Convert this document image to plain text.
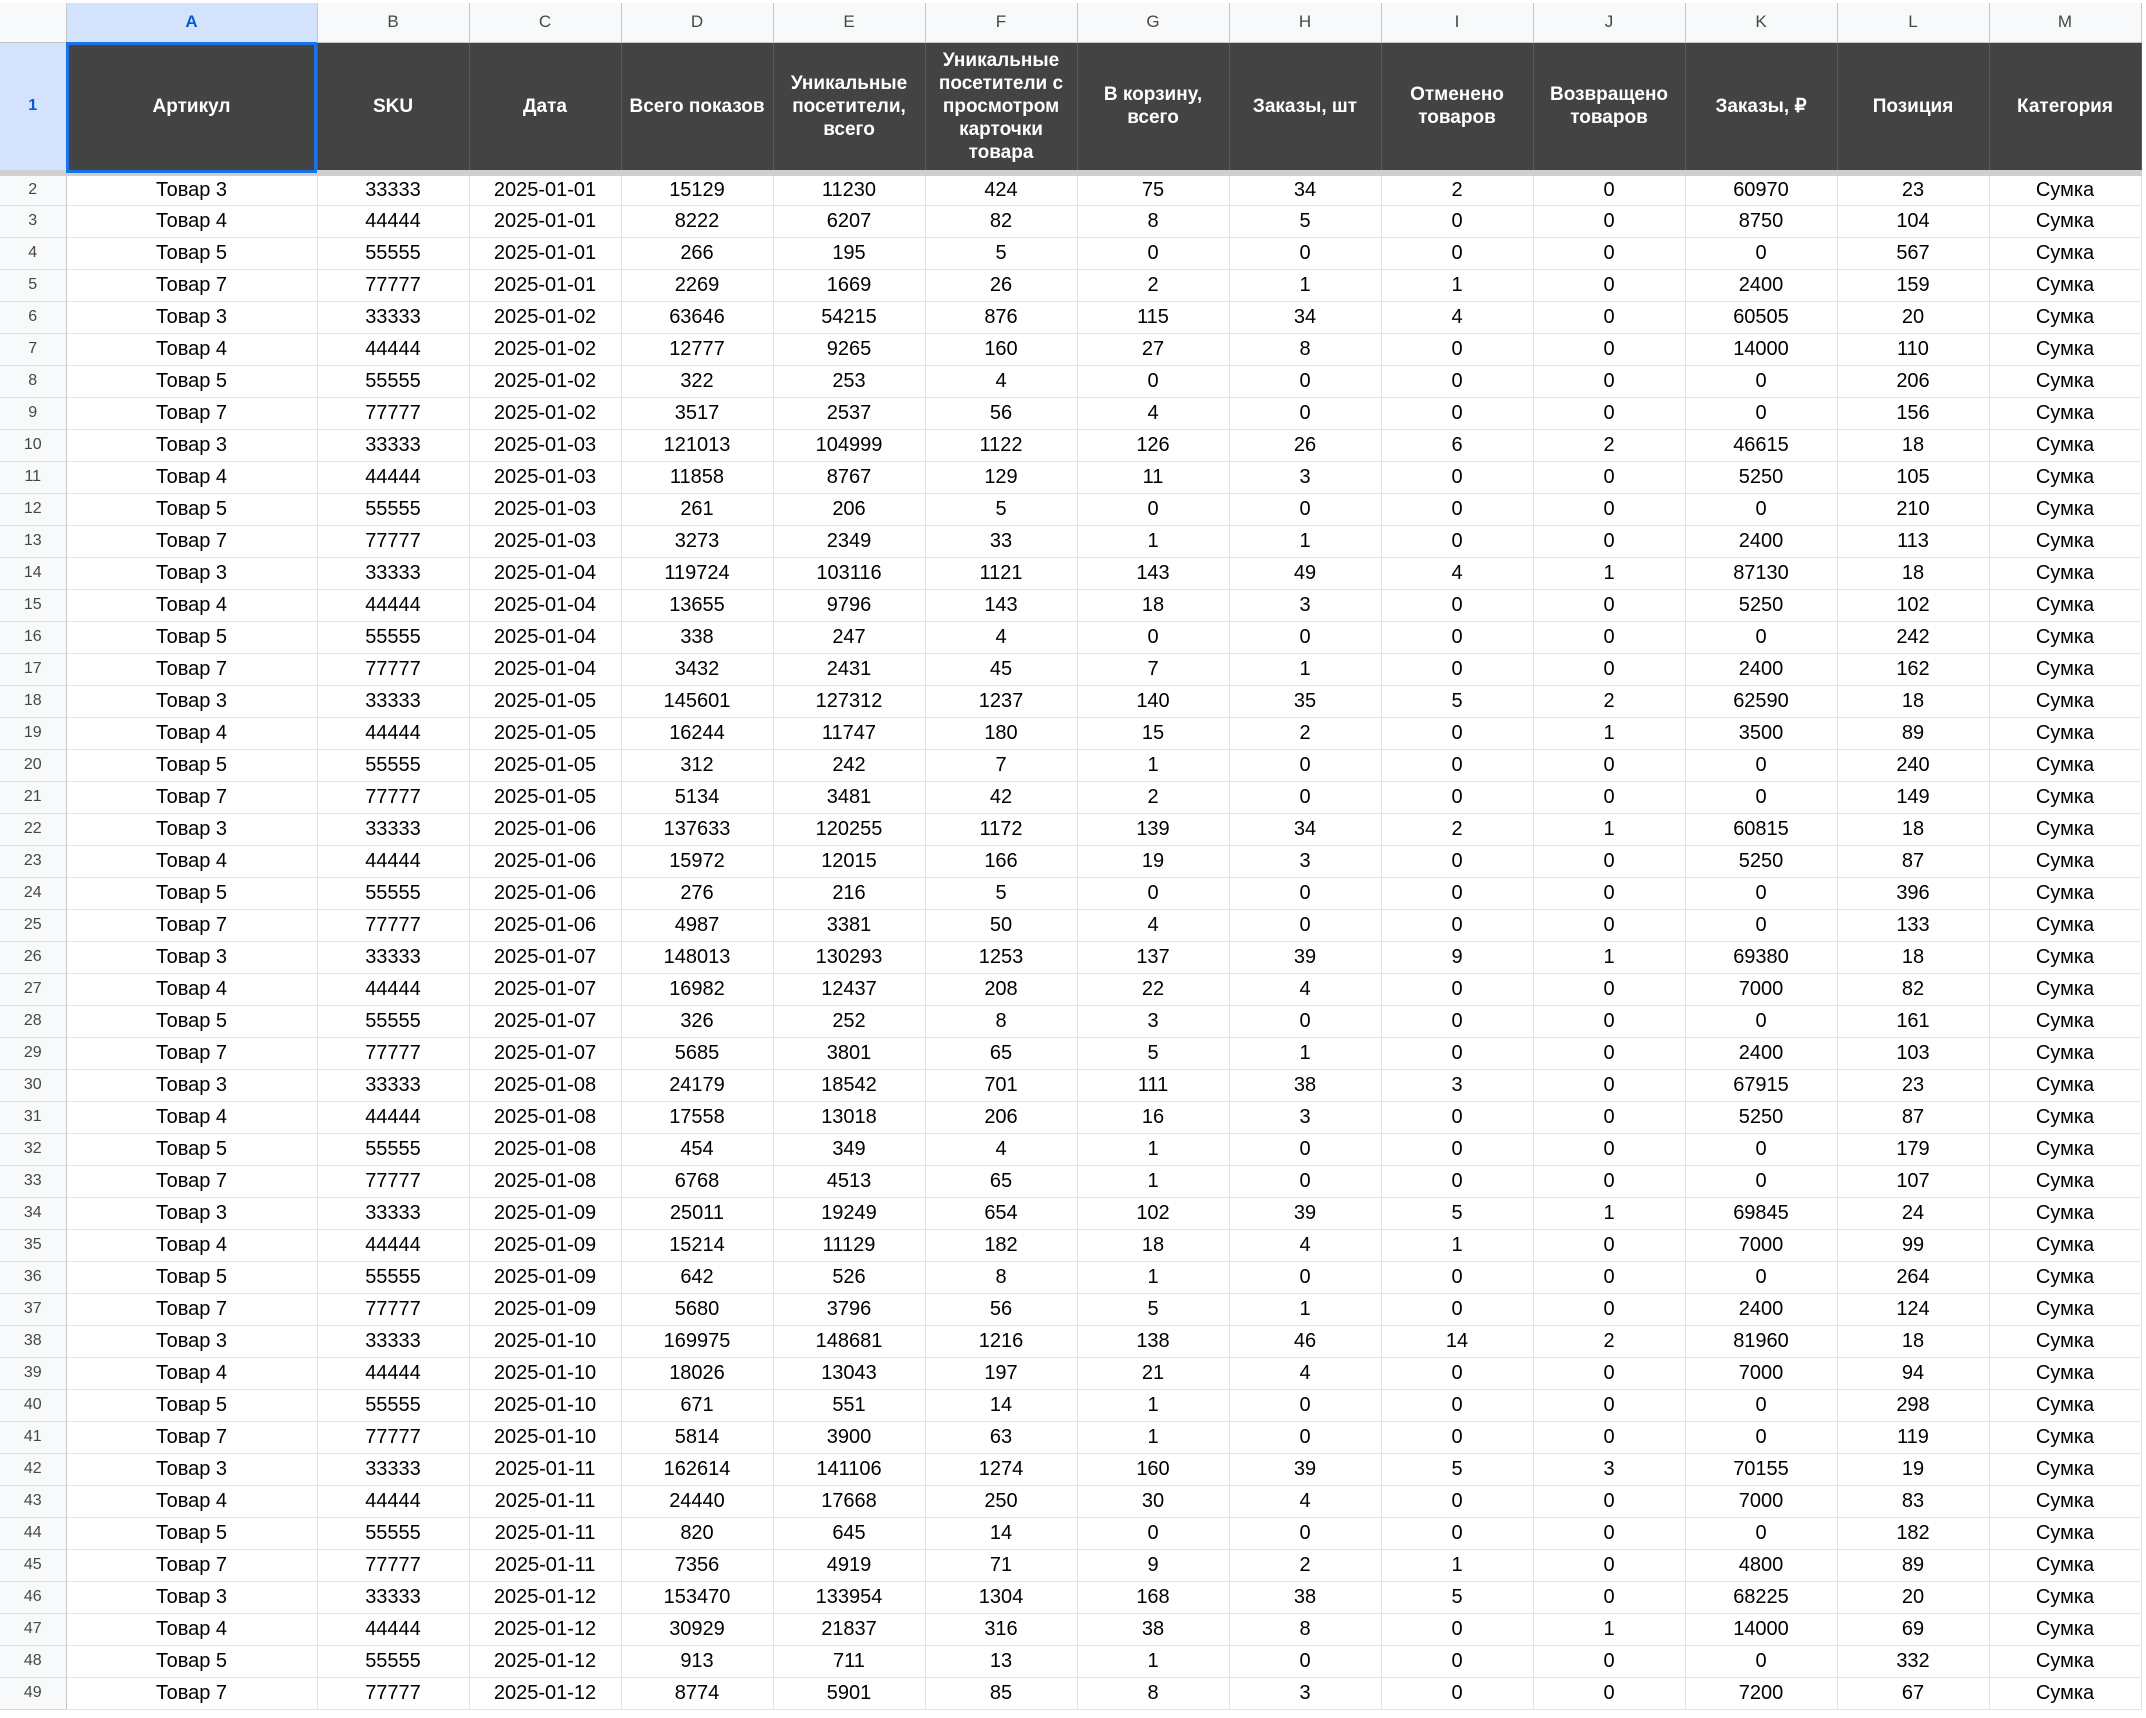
	A	B	C	D	E	F	G	H	I	J	K	L	M
1	Артикул	SKU	Дата	Всего показов	Уникальные посетители, всего	Уникальные посетители с просмотром карточки товара	В корзину, всего	Заказы, шт	Отменено товаров	Возвращено товаров	Заказы, ₽	Позиция	Категория
2	Товар 3	33333	2025-01-01	15129	11230	424	75	34	2	0	60970	23	Сумка
3	Товар 4	44444	2025-01-01	8222	6207	82	8	5	0	0	8750	104	Сумка
4	Товар 5	55555	2025-01-01	266	195	5	0	0	0	0	0	567	Сумка
5	Товар 7	77777	2025-01-01	2269	1669	26	2	1	1	0	2400	159	Сумка
6	Товар 3	33333	2025-01-02	63646	54215	876	115	34	4	0	60505	20	Сумка
7	Товар 4	44444	2025-01-02	12777	9265	160	27	8	0	0	14000	110	Сумка
8	Товар 5	55555	2025-01-02	322	253	4	0	0	0	0	0	206	Сумка
9	Товар 7	77777	2025-01-02	3517	2537	56	4	0	0	0	0	156	Сумка
10	Товар 3	33333	2025-01-03	121013	104999	1122	126	26	6	2	46615	18	Сумка
11	Товар 4	44444	2025-01-03	11858	8767	129	11	3	0	0	5250	105	Сумка
12	Товар 5	55555	2025-01-03	261	206	5	0	0	0	0	0	210	Сумка
13	Товар 7	77777	2025-01-03	3273	2349	33	1	1	0	0	2400	113	Сумка
14	Товар 3	33333	2025-01-04	119724	103116	1121	143	49	4	1	87130	18	Сумка
15	Товар 4	44444	2025-01-04	13655	9796	143	18	3	0	0	5250	102	Сумка
16	Товар 5	55555	2025-01-04	338	247	4	0	0	0	0	0	242	Сумка
17	Товар 7	77777	2025-01-04	3432	2431	45	7	1	0	0	2400	162	Сумка
18	Товар 3	33333	2025-01-05	145601	127312	1237	140	35	5	2	62590	18	Сумка
19	Товар 4	44444	2025-01-05	16244	11747	180	15	2	0	1	3500	89	Сумка
20	Товар 5	55555	2025-01-05	312	242	7	1	0	0	0	0	240	Сумка
21	Товар 7	77777	2025-01-05	5134	3481	42	2	0	0	0	0	149	Сумка
22	Товар 3	33333	2025-01-06	137633	120255	1172	139	34	2	1	60815	18	Сумка
23	Товар 4	44444	2025-01-06	15972	12015	166	19	3	0	0	5250	87	Сумка
24	Товар 5	55555	2025-01-06	276	216	5	0	0	0	0	0	396	Сумка
25	Товар 7	77777	2025-01-06	4987	3381	50	4	0	0	0	0	133	Сумка
26	Товар 3	33333	2025-01-07	148013	130293	1253	137	39	9	1	69380	18	Сумка
27	Товар 4	44444	2025-01-07	16982	12437	208	22	4	0	0	7000	82	Сумка
28	Товар 5	55555	2025-01-07	326	252	8	3	0	0	0	0	161	Сумка
29	Товар 7	77777	2025-01-07	5685	3801	65	5	1	0	0	2400	103	Сумка
30	Товар 3	33333	2025-01-08	24179	18542	701	111	38	3	0	67915	23	Сумка
31	Товар 4	44444	2025-01-08	17558	13018	206	16	3	0	0	5250	87	Сумка
32	Товар 5	55555	2025-01-08	454	349	4	1	0	0	0	0	179	Сумка
33	Товар 7	77777	2025-01-08	6768	4513	65	1	0	0	0	0	107	Сумка
34	Товар 3	33333	2025-01-09	25011	19249	654	102	39	5	1	69845	24	Сумка
35	Товар 4	44444	2025-01-09	15214	11129	182	18	4	1	0	7000	99	Сумка
36	Товар 5	55555	2025-01-09	642	526	8	1	0	0	0	0	264	Сумка
37	Товар 7	77777	2025-01-09	5680	3796	56	5	1	0	0	2400	124	Сумка
38	Товар 3	33333	2025-01-10	169975	148681	1216	138	46	14	2	81960	18	Сумка
39	Товар 4	44444	2025-01-10	18026	13043	197	21	4	0	0	7000	94	Сумка
40	Товар 5	55555	2025-01-10	671	551	14	1	0	0	0	0	298	Сумка
41	Товар 7	77777	2025-01-10	5814	3900	63	1	0	0	0	0	119	Сумка
42	Товар 3	33333	2025-01-11	162614	141106	1274	160	39	5	3	70155	19	Сумка
43	Товар 4	44444	2025-01-11	24440	17668	250	30	4	0	0	7000	83	Сумка
44	Товар 5	55555	2025-01-11	820	645	14	0	0	0	0	0	182	Сумка
45	Товар 7	77777	2025-01-11	7356	4919	71	9	2	1	0	4800	89	Сумка
46	Товар 3	33333	2025-01-12	153470	133954	1304	168	38	5	0	68225	20	Сумка
47	Товар 4	44444	2025-01-12	30929	21837	316	38	8	0	1	14000	69	Сумка
48	Товар 5	55555	2025-01-12	913	711	13	1	0	0	0	0	332	Сумка
49	Товар 7	77777	2025-01-12	8774	5901	85	8	3	0	0	7200	67	Сумка
